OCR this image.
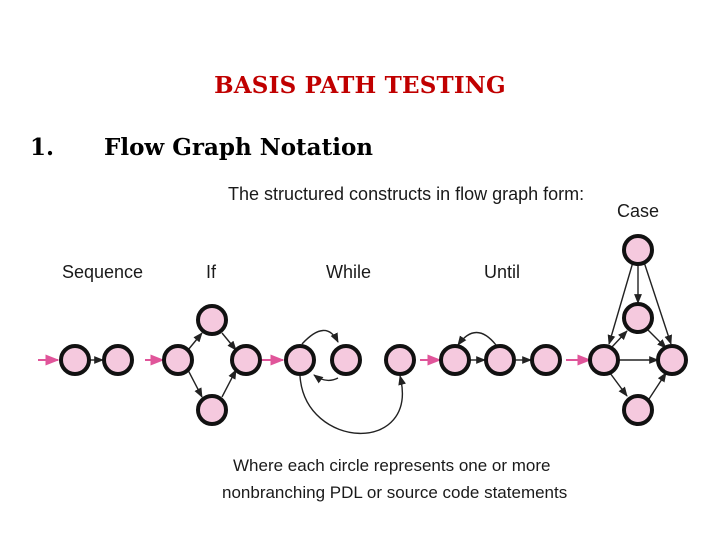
BASIS PATH TESTING
1. Flow Graph Notation
The structured constructs in flow graph form:
Sequence	If	While	Until
Case
Where each circle represents one or more
nonbranching PDL or source code statements
